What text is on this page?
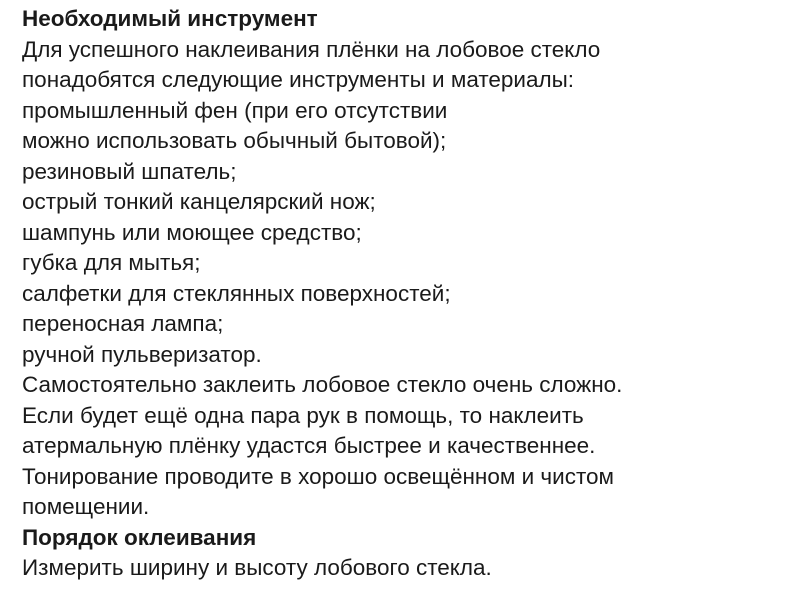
Необходимый инструмент

Для успешного наклеивания плёнки на лобовое стекло

понадобятся следующие инструменты и материалы:

промышленный фен (при его отсутствии

можно использовать обычный бытовой);

резиновый шпатель;

острый тонкий канцелярский нож;

шампунь или моющее средство;

губка для мытья;

салфетки для стеклянных поверхностей;

переносная лампа;

ручной пульверизатор.

Самостоятельно заклеить лобовое стекло очень сложно.

Если будет ещё одна пара рук в помощь, то наклеить

атермальную плёнку удастся быстрее и качественнее.

Тонирование проводите в хорошо освещённом и чистом

помещении.

Порядок оклеивания

Измерить ширину и высоту лобового стекла.
